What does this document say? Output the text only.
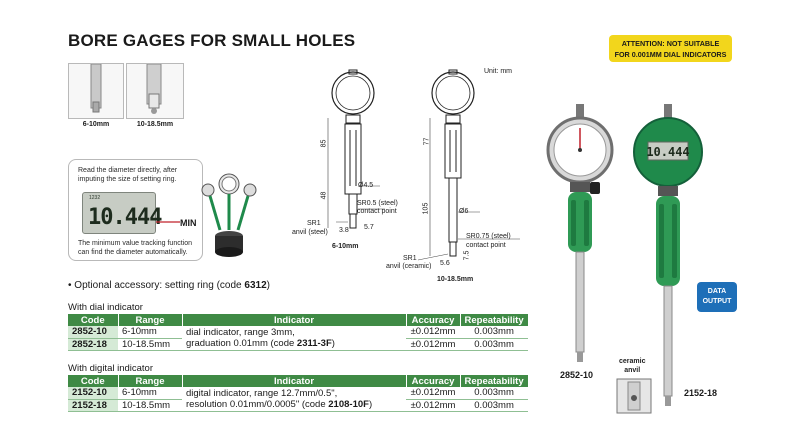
BORE GAGES FOR SMALL HOLES	ATTENTION: NOT SUITABLE
FOR 0.001MM DIAL INDICATORS
6-10mm	10-18.5mm
Read the diameter directly, after
imputing the size of setting ring.
1232
10.444 MIN
The minimum value tracking function
can find the diameter automatically.
Unit: mm
85
48
Ø4.5
SR0.5 (steel)
contact point
SR1
anvil (steel) 3.8 5.7
6-10mm
77
105	Ø6
SR0.75 (steel)
contact point
SR1
anvil (ceramic) 5.6
7.5
10-18.5mm
• Optional accessory: setting ring (code 6312)
With dial indicator
Code	Range	Indicator	Accuracy	Repeatability
2852-10	6-10mm	dial indicator, range 3mm,
graduation 0.01mm (code 2311-3F)	±0.012mm	0.003mm
2852-18	10-18.5mm		±0.012mm	0.003mm
With digital indicator
Code	Range	Indicator	Accuracy	Repeatability
2152-10	6-10mm	digital indicator, range 12.7mm/0.5",
resolution 0.01mm/0.0005" (code 2108-10F)	±0.012mm	0.003mm
2152-18	10-18.5mm		±0.012mm	0.003mm
2852-10
10.444
DATA
OUTPUT
2152-18
ceramic
anvil
